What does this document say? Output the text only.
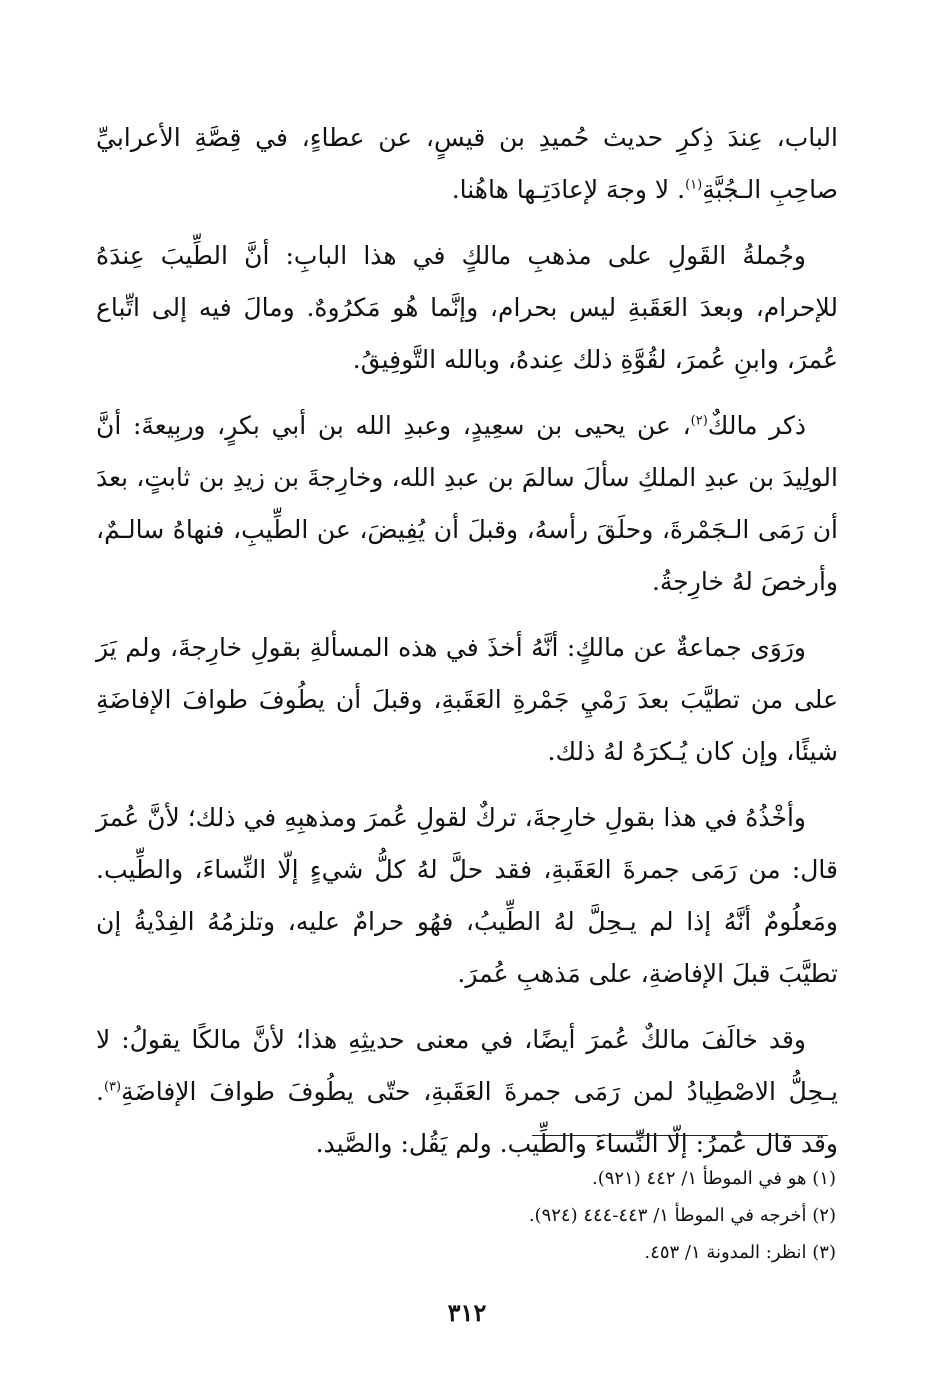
الباب، عِندَ ذِكرِ حديث حُميدِ بن قيسٍ، عن عطاءٍ، في قِصَّةِ الأعرابيِّ صاحِبِ الـجُبَّةِ$^{(١)}$. لا وجهَ لإعادَتِـها هاهُنا.

وجُملةُ القَولِ على مذهبِ مالكٍ في هذا البابِ: أنَّ الطِّيبَ عِندَهُ للإحرام، وبعدَ العَقَبةِ ليس بحرام، وإنَّما هُو مَكرُوهٌ. ومالَ فيه إلى اتِّباع عُمرَ، وابنِ عُمرَ، لقُوَّةِ ذلك عِندهُ، وبالله التَّوفِيقُ.

ذكر مالكٌ$^{(٢)}$، عن يحيى بن سعِيدٍ، وعبدِ الله بن أبي بكرٍ، وربِيعةَ: أنَّ الولِيدَ بن عبدِ الملكِ سألَ سالمَ بن عبدِ الله، وخارِجةَ بن زيدِ بن ثابتٍ، بعدَ أن رَمَى الـجَمْرةَ، وحلَقَ رأسهُ، وقبلَ أن يُفِيضَ، عن الطِّيبِ، فنهاهُ سالـمٌ، وأرخصَ لهُ خارِجةُ.

ورَوَى جماعةٌ عن مالكٍ: أنَّهُ أخذَ في هذه المسألةِ بقولِ خارِجةَ، ولم يَرَ على من تطيَّبَ بعدَ رَمْيِ جَمْرةِ العَقَبةِ، وقبلَ أن يطُوفَ طوافَ الإفاضَةِ شيئًا، وإن كان يُـكرَهُ لهُ ذلك.

وأخْذُهُ في هذا بقولِ خارِجةَ، تركٌ لقولِ عُمرَ ومذهبِهِ في ذلك؛ لأنَّ عُمرَ قال: من رَمَى جمرةَ العَقَبةِ، فقد حلَّ لهُ كلُّ شيءٍ إلّا النِّساءَ، والطِّيب. ومَعلُومٌ أنَّهُ إذا لم يـحِلَّ لهُ الطِّيبُ، فهُو حرامٌ عليه، وتلزمُهُ الفِدْيةُ إن تطيَّبَ قبلَ الإفاضةِ، على مَذهبِ عُمرَ.

وقد خالَفَ مالكٌ عُمرَ أيضًا، في معنى حديثِهِ هذا؛ لأنَّ مالكًا يقولُ: لا يـحِلُّ الاصْطِيادُ لمن رَمَى جمرةَ العَقَبةِ، حتّى يطُوفَ طوافَ الإفاضَةِ$^{(٣)}$. وقد قال عُمرُ: إلّا النِّساءَ والطِّيب. ولم يَقُل: والصَّيد.

(١) هو في الموطأ ١/ ٤٤٢ (٩٢١).

(٢) أخرجه في الموطأ ١/ ٤٤٣-٤٤٤ (٩٢٤).

(٣) انظر: المدونة ١/ ٤٥٣.

٣١٢
